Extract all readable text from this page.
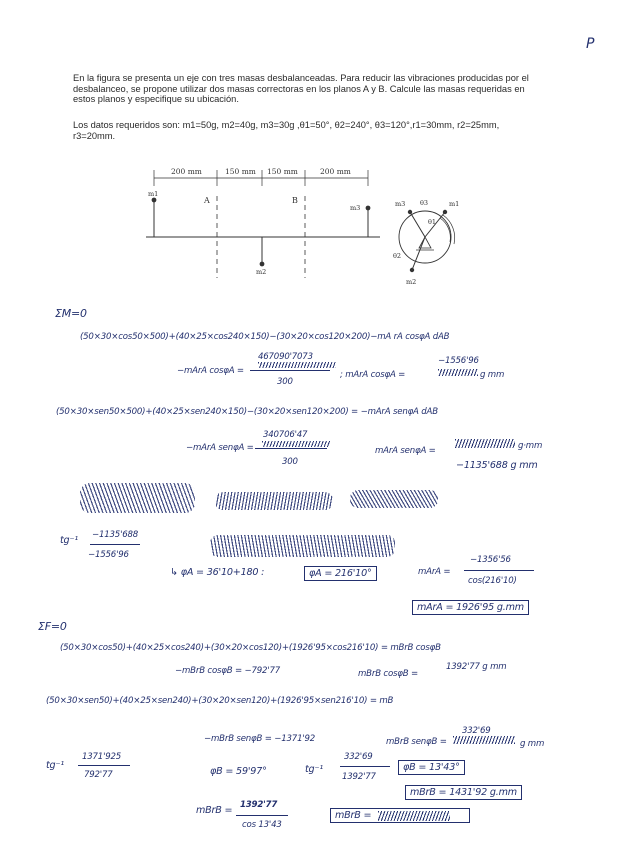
P
En la figura se presenta un eje con tres masas desbalanceadas. Para reducir las vibraciones producidas por el desbalanceo, se propone utilizar dos masas correctoras en los planos A y B. Calcule las masas requeridas en estos planos y especifique su ubicación.
Los datos requeridos son: m1=50g, m2=40g, m3=30g ,θ1=50°, θ2=240°, θ3=120°,r1=30mm, r2=25mm, r3=20mm.
200 mm	150 mm 150 mm	200 mm
m1
A
m2
B
m3	m3 θ3	m1
θ1
θ2
m2
ΣM=0
(50×30×cos50×500)+(40×25×cos240×150)−(30×20×cos120×200)−mA rA cosφA dAB
−mArA cosφA =
467090'7073
300
; mArA cosφA =
−1556'96
g mm
(50×30×sen50×500)+(40×25×sen240×150)−(30×20×sen120×200) = −mArA senφA dAB
−mArA senφA =
340706'47
300
mArA senφA =	g·mm
−1135'688 g mm
tg⁻¹ −1135'688
−1556'96
↳ φA = 36'10+180 :	φA = 216'10°	mArA =
−1356'56
cos(216'10)
mArA = 1926'95 g.mm
ΣF=0
(50×30×cos50)+(40×25×cos240)+(30×20×cos120)+(1926'95×cos216'10) = mBrB cosφB
−mBrB cosφB = −792'77	mBrB cosφB =
1392'77 g mm
(50×30×sen50)+(40×25×sen240)+(30×20×sen120)+(1926'95×sen216'10) = mB
−mBrB senφB = −1371'92	mBrB senφB =
332'69
g mm
tg⁻¹
1371'925
792'77	φB = 59'97°	tg⁻¹
332'69
1392'77
φB = 13'43°
mBrB = 1431'92 g.mm
mBrB = 1392'77
cos 13'43
mBrB =
